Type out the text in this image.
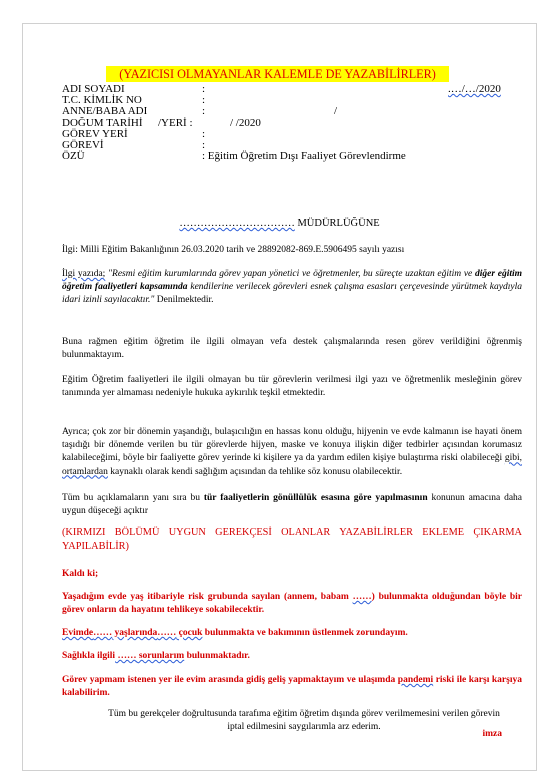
(YAZICISI OLMAYANLAR KALEMLE DE YAZABİLİRLER)
ADI SOYADI	:	.…/…/2020
T.C. KİMLİK NO	:
ANNE/BABA ADI	:	/
DOĞUM TARİHİ /YERİ :	/ /2020
GÖREV YERİ	:
GÖREVİ	:
ÖZÜ	: Eğitim Öğretim Dışı Faaliyet Görevlendirme
…………………………… MÜDÜRLÜĞÜNE

İlgi: Milli Eğitim Bakanlığının 26.03.2020 tarih ve 28892082-869.E.5906495 sayılı yazısı

İlgi yazıda; "Resmi eğitim kurumlarında görev yapan yönetici ve öğretmenler, bu süreçte uzaktan eğitim ve diğer eğitim öğretim faaliyetleri kapsamında kendilerine verilecek görevleri esnek çalışma esasları çerçevesinde yürütmek kaydıyla idari izinli sayılacaktır." Denilmektedir.

Buna rağmen eğitim öğretim ile ilgili olmayan vefa destek çalışmalarında resen görev verildiğini öğrenmiş bulunmaktayım.

Eğitim Öğretim faaliyetleri ile ilgili olmayan bu tür görevlerin verilmesi ilgi yazı ve öğretmenlik mesleğinin görev tanımında yer almaması nedeniyle hukuka aykırılık teşkil etmektedir.

Ayrıca; çok zor bir dönemin yaşandığı, bulaşıcılığın en hassas konu olduğu, hijyenin ve evde kalmanın ise hayati önem taşıdığı bir dönemde verilen bu tür görevlerde hijyen, maske ve konuya ilişkin diğer tedbirler açısından korumasız kalabileceğimi, böyle bir faaliyette görev yerinde ki kişilere ya da yardım edilen kişiye bulaştırma riski olabileceği gibi, ortamlardan kaynaklı olarak kendi sağlığım açısından da tehlike söz konusu olabilecektir.

Tüm bu açıklamaların yanı sıra bu tür faaliyetlerin gönüllülük esasına göre yapılmasının konunun amacına daha uygun düşeceği açıktır

(KIRMIZI BÖLÜMÜ UYGUN GEREKÇESİ OLANLAR YAZABİLİRLER EKLEME ÇIKARMA YAPILABİLİR)

Kaldı ki;

Yaşadığım evde yaş itibariyle risk grubunda sayılan (annem, babam ……) bulunmakta olduğundan böyle bir görev onların da hayatını tehlikeye sokabilecektir.

Evimde…… yaşlarında…… çocuk bulunmakta ve bakımının üstlenmek zorundayım.

Sağlıkla ilgili …… sorunlarım bulunmaktadır.

Görev yapmam istenen yer ile evim arasında gidiş geliş yapmaktayım ve ulaşımda pandemi riski ile karşı karşıya kalabilirim.

Tüm bu gerekçeler doğrultusunda tarafıma eğitim öğretim dışında görev verilmemesini verilen görevin iptal edilmesini saygılarımla arz ederim.

imza
